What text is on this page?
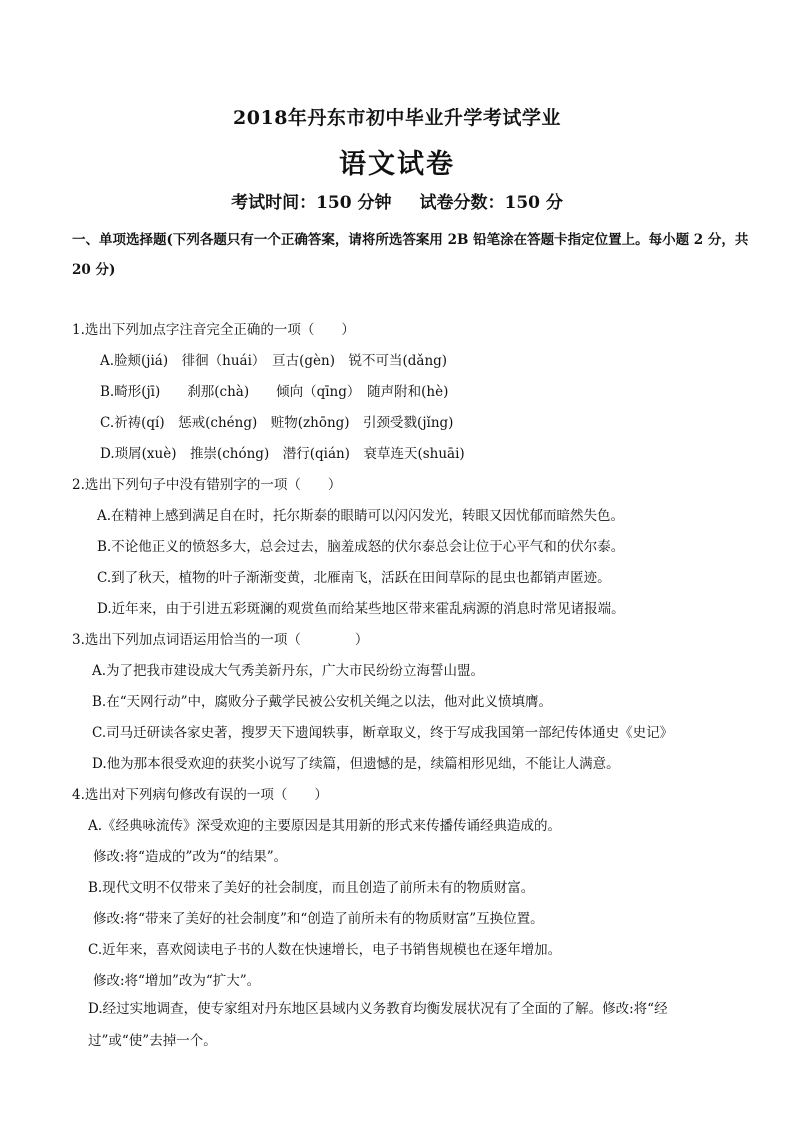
2018年丹东市初中毕业升学考试学业
语文试卷
考试时间：150 分钟 试卷分数：150 分
一、单项选择题(下列各题只有一个正确答案，请将所选答案用 2B 铅笔涂在答题卡指定位置上。每小题 2 分，共 20 分)
1.选出下列加点字注音完全正确的一项（　　）
A.脸颊(jiá)　徘徊（huái）　亘古(gèn)　锐不可当(dǎng)
B.畸形(jī)　　刹那(chà)　　倾向（qīng）　随声附和(hè)
C.祈祷(qí)　惩戒(chéng)　赃物(zhōng)　引颈受戮(jǐng)
D.琐屑(xuè)　推崇(chóng)　潜行(qián)　衰草连天(shuāi)
2.选出下列句子中没有错别字的一项（　　）
A.在精神上感到满足自在时，托尔斯泰的眼睛可以闪闪发光，转眼又因忧郁而暗然失色。
B.不论他正义的愤怒多大，总会过去，脑羞成怒的伏尔泰总会让位于心平气和的伏尔泰。
C.到了秋天，植物的叶子渐渐变黄，北雁南飞，活跃在田间草际的昆虫也都销声匿迹。
D.近年来，由于引进五彩斑澜的观赏鱼而给某些地区带来霍乱病源的消息时常见诸报端。
3.选出下列加点词语运用恰当的一项（　　　　）
A.为了把我市建设成大气秀美新丹东，广大市民纷纷立海誓山盟。
B.在“天网行动”中，腐败分子戴学民被公安机关绳之以法，他对此义愤填膺。
C.司马迁研读各家史著，搜罗天下遗闻轶事，断章取义，终于写成我国第一部纪传体通史《史记》
D.他为那本很受欢迎的获奖小说写了续篇，但遗憾的是，续篇相形见绌，不能让人满意。
4.选出对下列病句修改有误的一项（　　）
A.《经典咏流传》深受欢迎的主要原因是其用新的形式来传播传诵经典造成的。
修改:将“造成的”改为“的结果”。
B.现代文明不仅带来了美好的社会制度，而且创造了前所未有的物质财富。
修改:将“带来了美好的社会制度”和“创造了前所未有的物质财富”互换位置。
C.近年来，喜欢阅读电子书的人数在快速增长，电子书销售规模也在逐年增加。
修改:将“增加”改为“扩大”。
D.经过实地调查，使专家组对丹东地区县域内义务教育均衡发展状况有了全面的了解。修改:将“经过”或“使”去掉一个。
